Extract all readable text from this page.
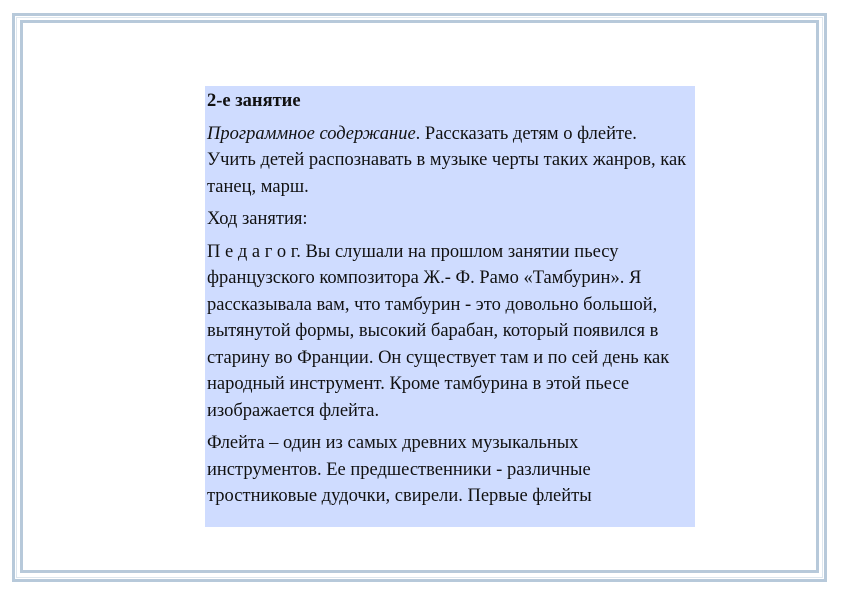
2-е занятие

Программное содержание. Рассказать детям о флейте. Учить детей распознавать в музыке черты таких жанров, как танец, марш.

Ход занятия:

П е д а г о г. Вы слушали на прошлом занятии пьесу французского композитора Ж.- Ф. Рамо «Тамбурин». Я рассказывала вам, что тамбурин - это довольно большой, вытянутой формы, высокий барабан, который появился в старину во Франции. Он существует там и по сей день как народный инструмент. Кроме тамбурина в этой пьесе изображается флейта.

Флейта – один из самых древних музыкальных инструментов. Ее предшественники - различные тростниковые дудочки, свирели. Первые флейты
